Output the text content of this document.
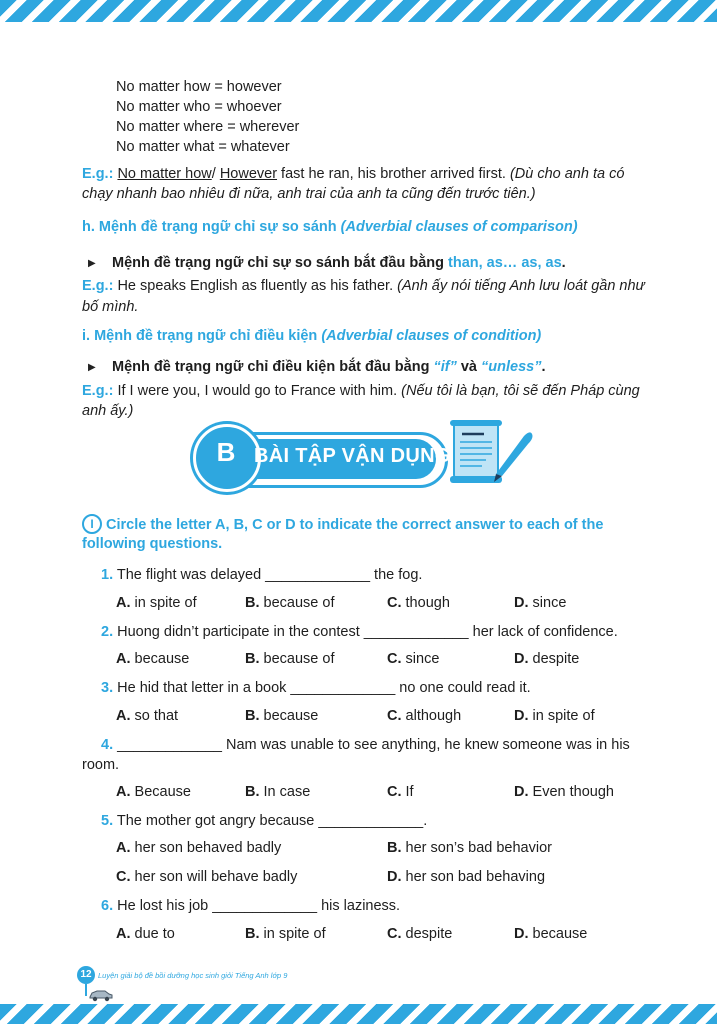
No matter how = however
No matter who = whoever
No matter where = wherever
No matter what = whatever
E.g.: No matter how/ However fast he ran, his brother arrived first. (Dù cho anh ta có
chạy nhanh bao nhiêu đi nữa, anh trai của anh ta cũng đến trước tiên.)
h. Mệnh đề trạng ngữ chỉ sự so sánh (Adverbial clauses of comparison)
▶ Mệnh đề trạng ngữ chỉ sự so sánh bắt đầu bằng than, as… as, as.
E.g.: He speaks English as fluently as his father. (Anh ấy nói tiếng Anh lưu loát gần như
bố mình.
i. Mệnh đề trạng ngữ chỉ điều kiện (Adverbial clauses of condition)
▶ Mệnh đề trạng ngữ chỉ điều kiện bắt đầu bằng “if” và “unless”.
E.g.: If I were you, I would go to France with him. (Nếu tôi là bạn, tôi sẽ đến Pháp cùng
anh ấy.)
B BÀI TẬP VẬN DỤNG
I Circle the letter A, B, C or D to indicate the correct answer to each of the
following questions.
1. The flight was delayed _____________ the fog.
A. in spite of	B. because of	C. though	D. since
2. Huong didn’t participate in the contest _____________ her lack of confidence.
A. because	B. because of	C. since	D. despite
3. He hid that letter in a book _____________ no one could read it.
A. so that	B. because	C. although	D. in spite of
4. _____________ Nam was unable to see anything, he knew someone was in his
room.
A. Because	B. In case	C. If	D. Even though
5. The mother got angry because _____________.
A. her son behaved badly	B. her son’s bad behavior
C. her son will behave badly	D. her son bad behaving
6. He lost his job _____________ his laziness.
A. due to	B. in spite of	C. despite	D. because
12 Luyện giải bộ đề bồi dưỡng học sinh giỏi Tiếng Anh lớp 9
